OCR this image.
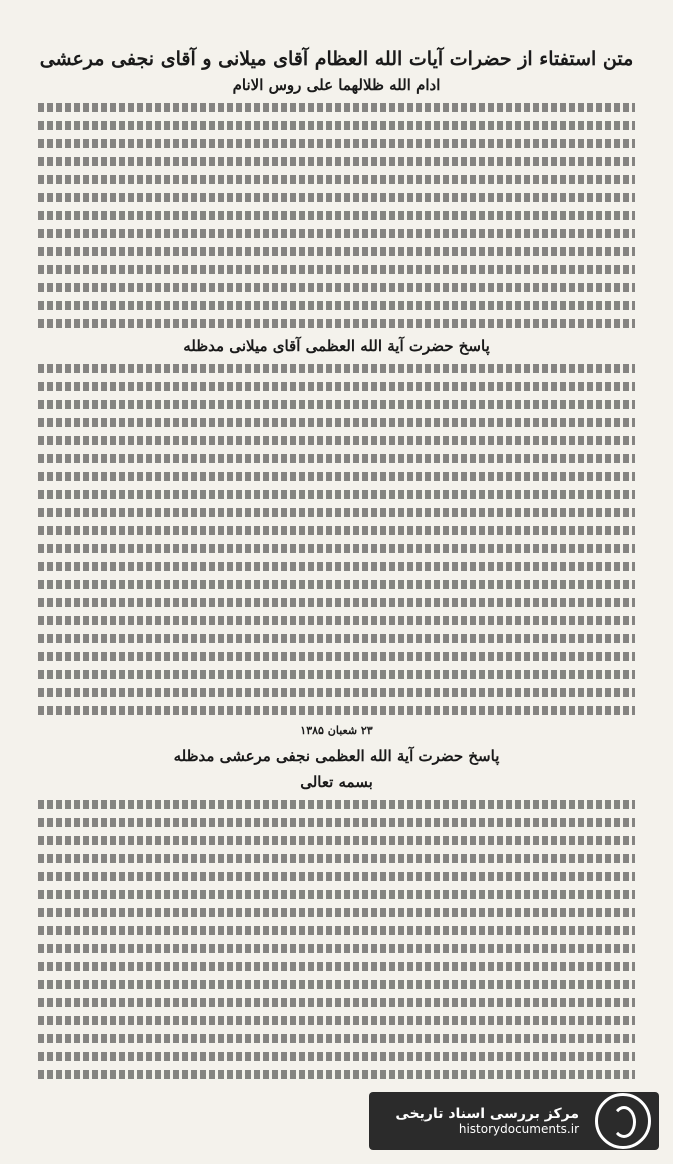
متن استفتاء از حضرات آیات الله العظام آقای میلانی و آقای نجفی مرعشی
ادام الله ظلالهما علی روس الانام
پاسخ حضرت آیة الله العظمی آقای میلانی مدظله
۲۳ شعبان ۱۳۸۵
پاسخ حضرت آیة الله العظمی نجفی مرعشی مدظله
بسمه تعالی
مرکز بررسی اسناد تاریخی
historydocuments.ir
